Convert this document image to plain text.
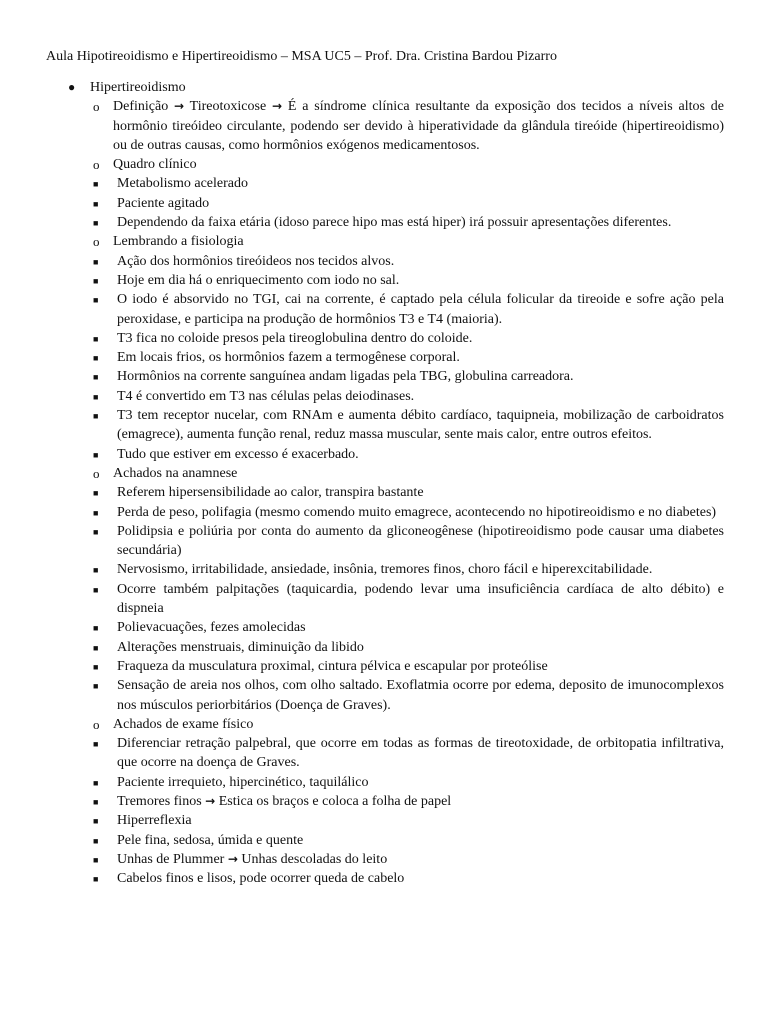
Aula Hipotireoidismo e Hipertireoidismo – MSA UC5 – Prof. Dra. Cristina Bardou Pizarro
● Hipertireoidismo
o Definição → Tireotoxicose → É a síndrome clínica resultante da exposição dos tecidos a níveis altos de hormônio tireóideo circulante, podendo ser devido à hiperatividade da glândula tireóide (hipertireoidismo) ou de outras causas, como hormônios exógenos medicamentosos.
o Quadro clínico
■ Metabolismo acelerado
■ Paciente agitado
■ Dependendo da faixa etária (idoso parece hipo mas está hiper) irá possuir apresentações diferentes.
o Lembrando a fisiologia
■ Ação dos hormônios tireóideos nos tecidos alvos.
■ Hoje em dia há o enriquecimento com iodo no sal.
■ O iodo é absorvido no TGI, cai na corrente, é captado pela célula folicular da tireoide e sofre ação pela peroxidase, e participa na produção de hormônios T3 e T4 (maioria).
■ T3 fica no coloide presos pela tireoglobulina dentro do coloide.
■ Em locais frios, os hormônios fazem a termogênese corporal.
■ Hormônios na corrente sanguínea andam ligadas pela TBG, globulina carreadora.
■ T4 é convertido em T3 nas células pelas deiodinases.
■ T3 tem receptor nucelar, com RNAm e aumenta débito cardíaco, taquipneia, mobilização de carboidratos (emagrece), aumenta função renal, reduz massa muscular, sente mais calor, entre outros efeitos.
■ Tudo que estiver em excesso é exacerbado.
o Achados na anamnese
■ Referem hipersensibilidade ao calor, transpira bastante
■ Perda de peso, polifagia (mesmo comendo muito emagrece, acontecendo no hipotireoidismo e no diabetes)
■ Polidipsia e poliúria por conta do aumento da gliconeogênese (hipotireoidismo pode causar uma diabetes secundária)
■ Nervosismo, irritabilidade, ansiedade, insônia, tremores finos, choro fácil e hiperexcitabilidade.
■ Ocorre também palpitações (taquicardia, podendo levar uma insuficiência cardíaca de alto débito) e dispneia
■ Polievacuações, fezes amolecidas
■ Alterações menstruais, diminuição da libido
■ Fraqueza da musculatura proximal, cintura pélvica e escapular por proteólise
■ Sensação de areia nos olhos, com olho saltado. Exoflatmia ocorre por edema, deposito de imunocomplexos nos músculos periorbitários (Doença de Graves).
o Achados de exame físico
■ Diferenciar retração palpebral, que ocorre em todas as formas de tireotoxidade, de orbitopatia infiltrativa, que ocorre na doença de Graves.
■ Paciente irrequieto, hipercinético, taquilálico
■ Tremores finos → Estica os braços e coloca a folha de papel
■ Hiperreflexia
■ Pele fina, sedosa, úmida e quente
■ Unhas de Plummer → Unhas descoladas do leito
■ Cabelos finos e lisos, pode ocorrer queda de cabelo
